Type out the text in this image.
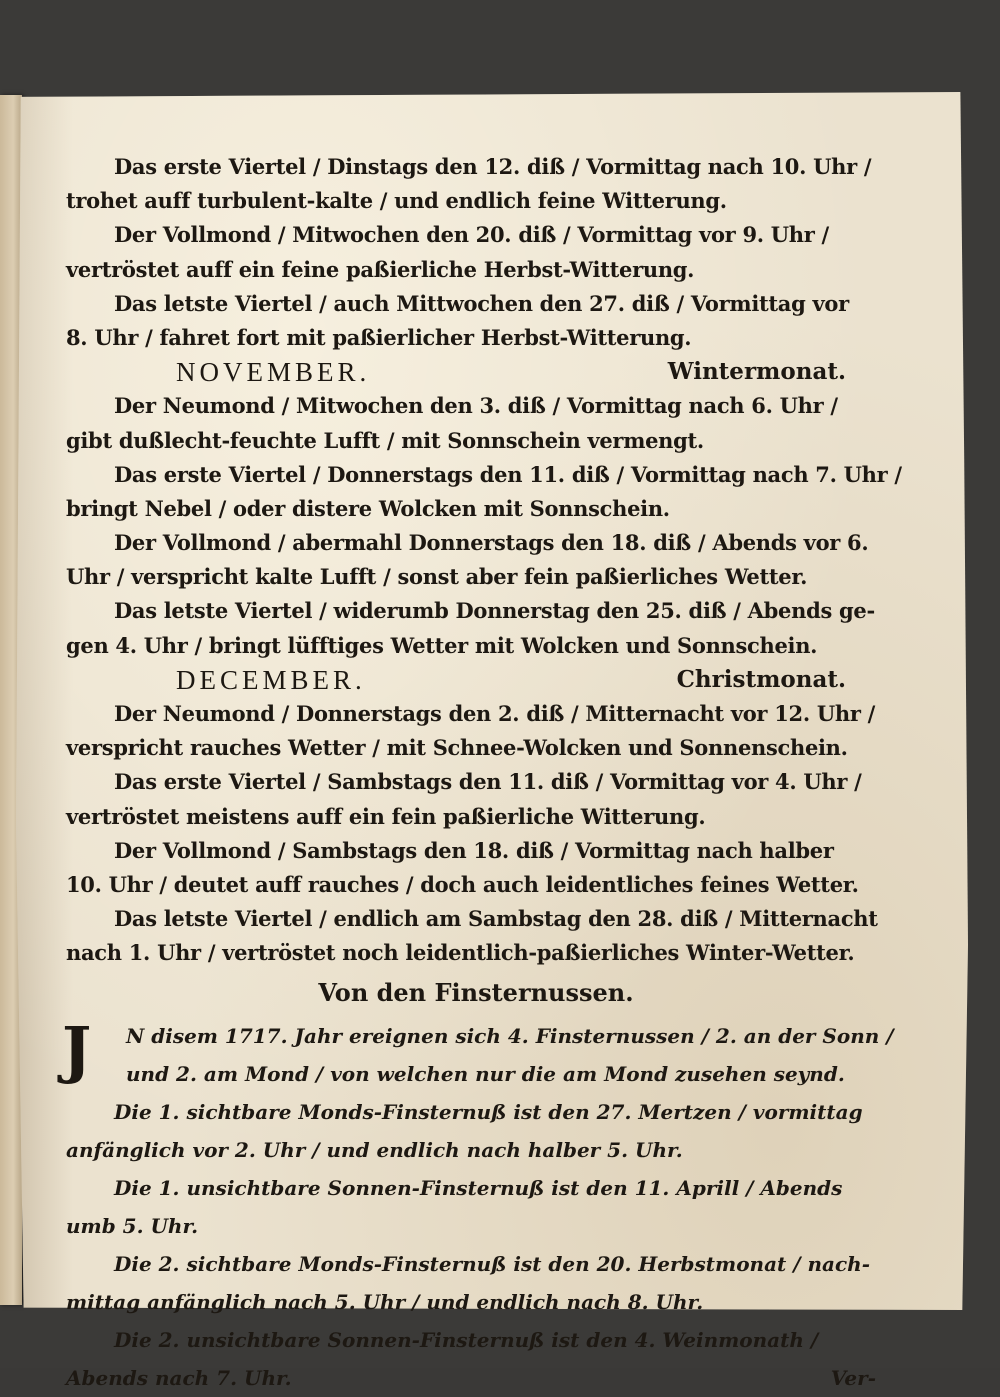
Das erste Viertel / Dinstags den 12. diß / Vormittag nach 10. Uhr /
trohet auff turbulent-kalte / und endlich feine Witterung.
Der Vollmond / Mitwochen den 20. diß / Vormittag vor 9. Uhr /
vertröstet auff ein feine paßierliche Herbst-Witterung.
Das letste Viertel / auch Mittwochen den 27. diß / Vormittag vor
8. Uhr / fahret fort mit paßierlicher Herbst-Witterung.
NOVEMBER.	Wintermonat.
Der Neumond / Mitwochen den 3. diß / Vormittag nach 6. Uhr /
gibt dußlecht-feuchte Lufft / mit Sonnschein vermengt.
Das erste Viertel / Donnerstags den 11. diß / Vormittag nach 7. Uhr /
bringt Nebel / oder distere Wolcken mit Sonnschein.
Der Vollmond / abermahl Donnerstags den 18. diß / Abends vor 6.
Uhr / verspricht kalte Lufft / sonst aber fein paßierliches Wetter.
Das letste Viertel / widerumb Donnerstag den 25. diß / Abends ge-
gen 4. Uhr / bringt lüfftiges Wetter mit Wolcken und Sonnschein.
DECEMBER.	Christmonat.
Der Neumond / Donnerstags den 2. diß / Mitternacht vor 12. Uhr /
verspricht rauches Wetter / mit Schnee-Wolcken und Sonnenschein.
Das erste Viertel / Sambstags den 11. diß / Vormittag vor 4. Uhr /
vertröstet meistens auff ein fein paßierliche Witterung.
Der Vollmond / Sambstags den 18. diß / Vormittag nach halber
10. Uhr / deutet auff rauches / doch auch leidentliches feines Wetter.
Das letste Viertel / endlich am Sambstag den 28. diß / Mitternacht
nach 1. Uhr / vertröstet noch leidentlich-paßierliches Winter-Wetter.
Von den Finsternussen.
J	N disem 1717. Jahr ereignen sich 4. Finsternussen / 2. an der Sonn /
und 2. am Mond / von welchen nur die am Mond zusehen seynd.
Die 1. sichtbare Monds-Finsternuß ist den 27. Mertzen / vormittag
anfänglich vor 2. Uhr / und endlich nach halber 5. Uhr.
Die 1. unsichtbare Sonnen-Finsternuß ist den 11. Aprill / Abends
umb 5. Uhr.
Die 2. sichtbare Monds-Finsternuß ist den 20. Herbstmonat / nach-
mittag anfänglich nach 5. Uhr / und endlich nach 8. Uhr.
Die 2. unsichtbare Sonnen-Finsternuß ist den 4. Weinmonath /
Abends nach 7. Uhr.	Ver-
